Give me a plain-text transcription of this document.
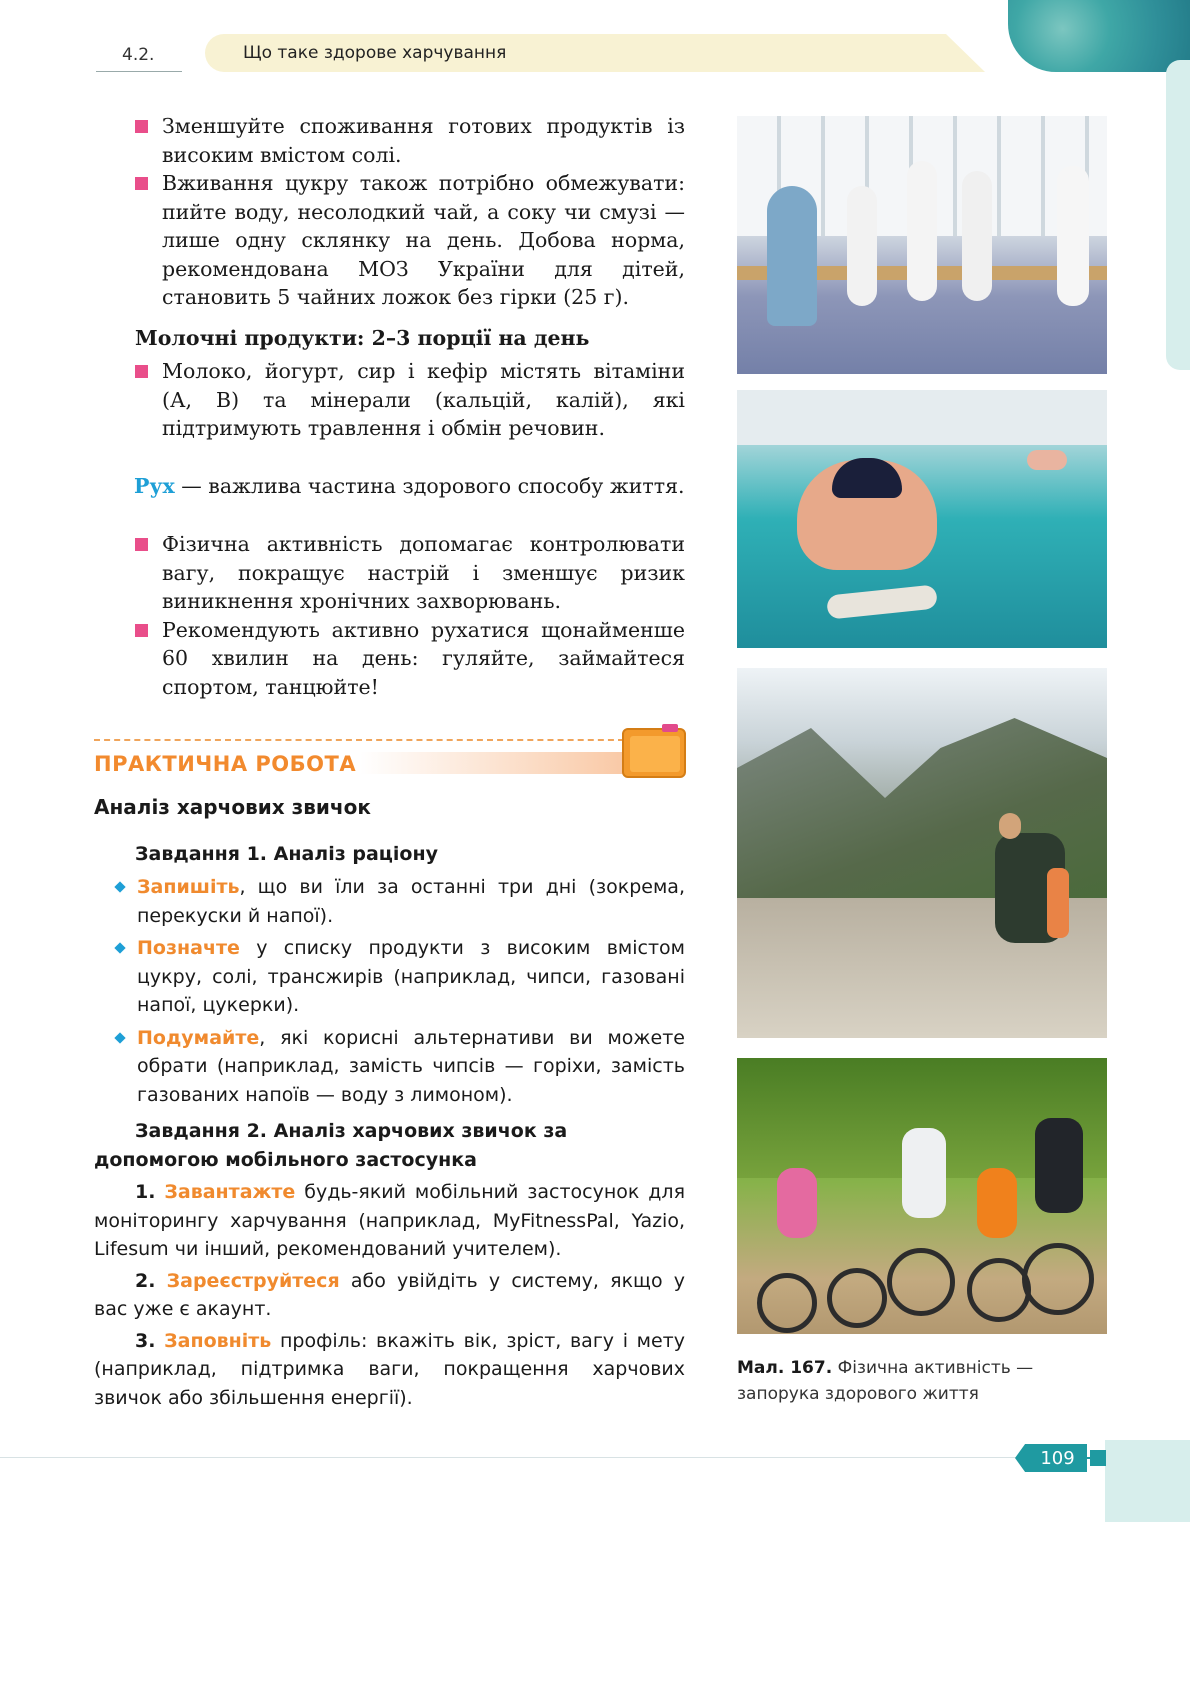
4.2.	Що таке здорове харчування
Зменшуйте споживання готових продуктів із високим вмістом солі.
Вживання цукру також потрібно обмежувати: пийте воду, несолодкий чай, а соку чи смузі — лише одну склянку на день. Добова норма, рекомендована МОЗ України для дітей, становить 5 чайних ложок без гірки (25 г).
Молочні продукти: 2–3 порції на день
Молоко, йогурт, сир і кефір містять вітаміни (А, В) та мінерали (кальцій, калій), які підтримують травлення і обмін речовин.
Рух — важлива частина здорового способу життя.
Фізична активність допомагає контролювати вагу, покращує настрій і зменшує ризик виникнення хронічних захворювань.
Рекомендують активно рухатися щонайменше 60 хвилин на день: гуляйте, займайтеся спортом, танцюйте!
ПРАКТИЧНА РОБОТА
Аналіз харчових звичок
Завдання 1. Аналіз раціону
Запишіть, що ви їли за останні три дні (зокрема, перекуски й напої).
Позначте у списку продукти з високим вмістом цукру, солі, трансжирів (наприклад, чипси, газовані напої, цукерки).
Подумайте, які корисні альтернативи ви можете обрати (наприклад, замість чипсів — горіхи, замість газованих напоїв — воду з лимоном).
Завдання 2. Аналіз харчових звичок за допомогою мобільного застосунка
1. Завантажте будь-який мобільний застосунок для моніторингу харчування (наприклад, MyFitnessPal, Yazio, Lifesum чи інший, рекомендований учителем).
2. Зареєструйтеся або увійдіть у систему, якщо у вас уже є акаунт.
3. Заповніть профіль: вкажіть вік, зріст, вагу і мету (наприклад, підтримка ваги, покращення харчових звичок або збільшення енергії).
Мал. 167. Фізична активність — запорука здорового життя
109
